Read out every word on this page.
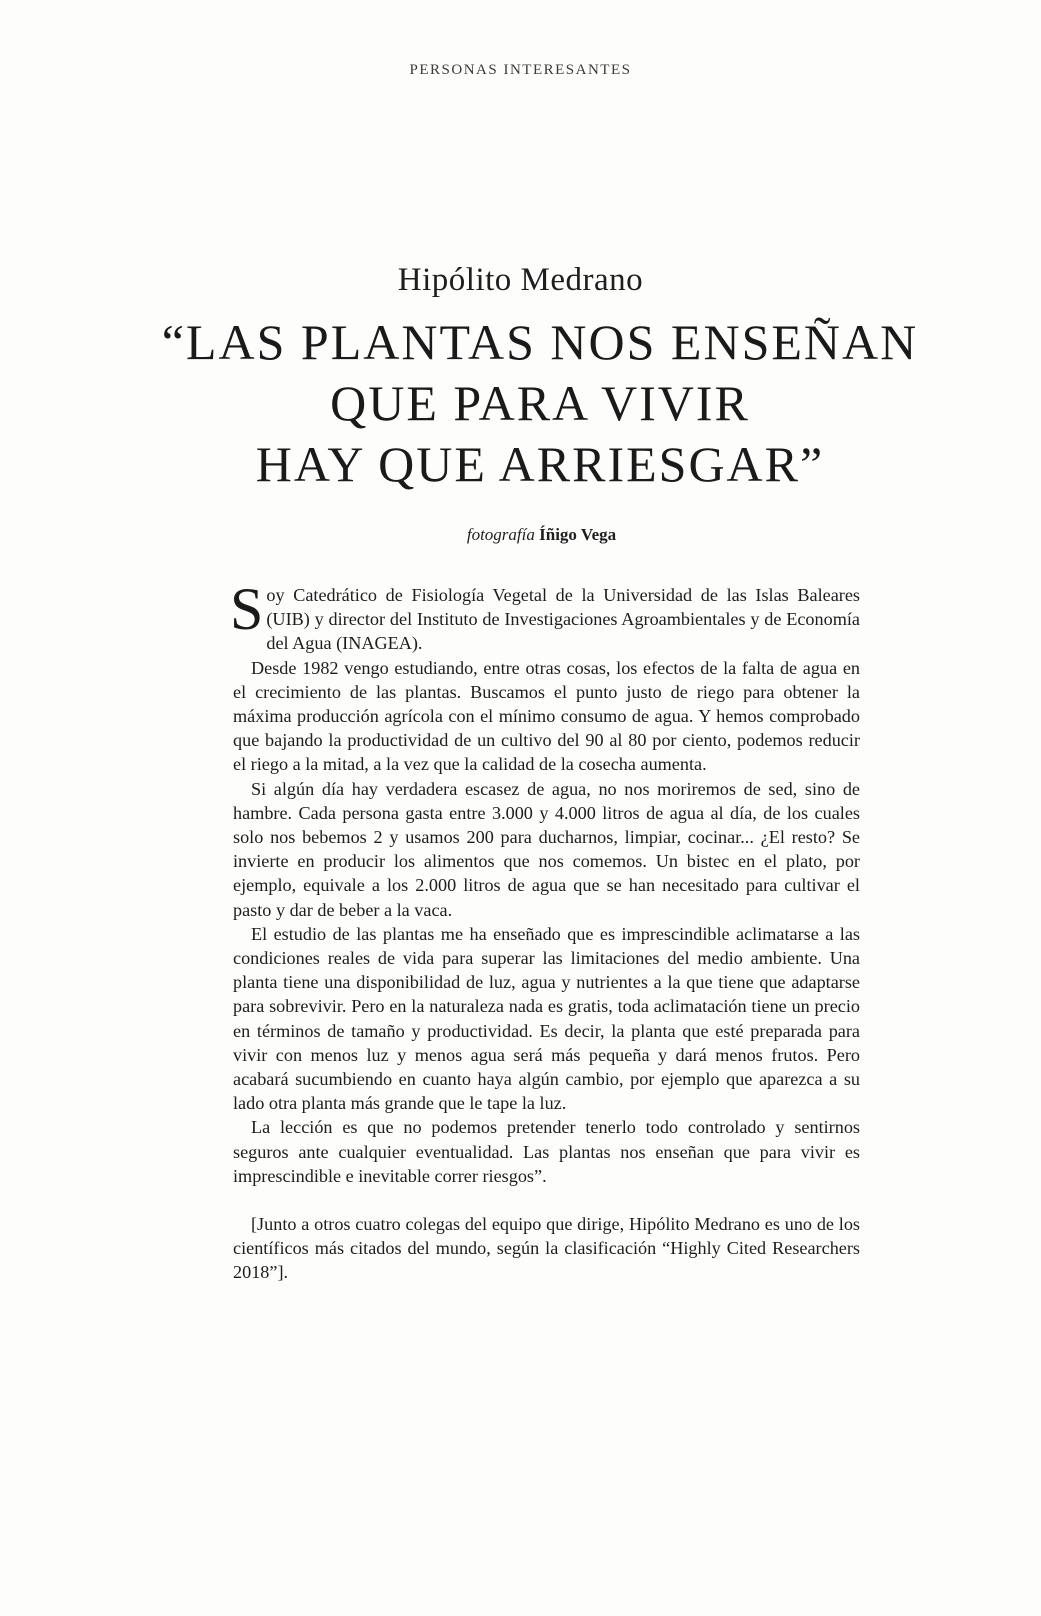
PERSONAS INTERESANTES
Hipólito Medrano
“LAS PLANTAS NOS ENSEÑAN
QUE PARA VIVIR
HAY QUE ARRIESGAR”
fotografía Íñigo Vega

Soy Catedrático de Fisiología Vegetal de la Universidad de las Islas Baleares (UIB) y director del Instituto de Investigaciones Agroambientales y de Economía del Agua (INAGEA).

Desde 1982 vengo estudiando, entre otras cosas, los efectos de la falta de agua en el crecimiento de las plantas. Buscamos el punto justo de riego para obtener la máxima producción agrícola con el mínimo consumo de agua. Y hemos comprobado que bajando la productividad de un cultivo del 90 al 80 por ciento, podemos reducir el riego a la mitad, a la vez que la calidad de la cosecha aumenta.

Si algún día hay verdadera escasez de agua, no nos moriremos de sed, sino de hambre. Cada persona gasta entre 3.000 y 4.000 litros de agua al día, de los cuales solo nos bebemos 2 y usamos 200 para ducharnos, limpiar, cocinar... ¿El resto? Se invierte en producir los alimentos que nos comemos. Un bistec en el plato, por ejemplo, equivale a los 2.000 litros de agua que se han necesitado para cultivar el pasto y dar de beber a la vaca.

El estudio de las plantas me ha enseñado que es imprescindible aclimatarse a las condiciones reales de vida para superar las limitaciones del medio ambiente. Una planta tiene una disponibilidad de luz, agua y nutrientes a la que tiene que adaptarse para sobrevivir. Pero en la naturaleza nada es gratis, toda aclimatación tiene un precio en términos de tamaño y productividad. Es decir, la planta que esté preparada para vivir con menos luz y menos agua será más pequeña y dará menos frutos. Pero acabará sucumbiendo en cuanto haya algún cambio, por ejemplo que aparezca a su lado otra planta más grande que le tape la luz.

La lección es que no podemos pretender tenerlo todo controlado y sentirnos seguros ante cualquier eventualidad. Las plantas nos enseñan que para vivir es imprescindible e inevitable correr riesgos”.

[Junto a otros cuatro colegas del equipo que dirige, Hipólito Medrano es uno de los científicos más citados del mundo, según la clasificación “Highly Cited Researchers 2018”].
